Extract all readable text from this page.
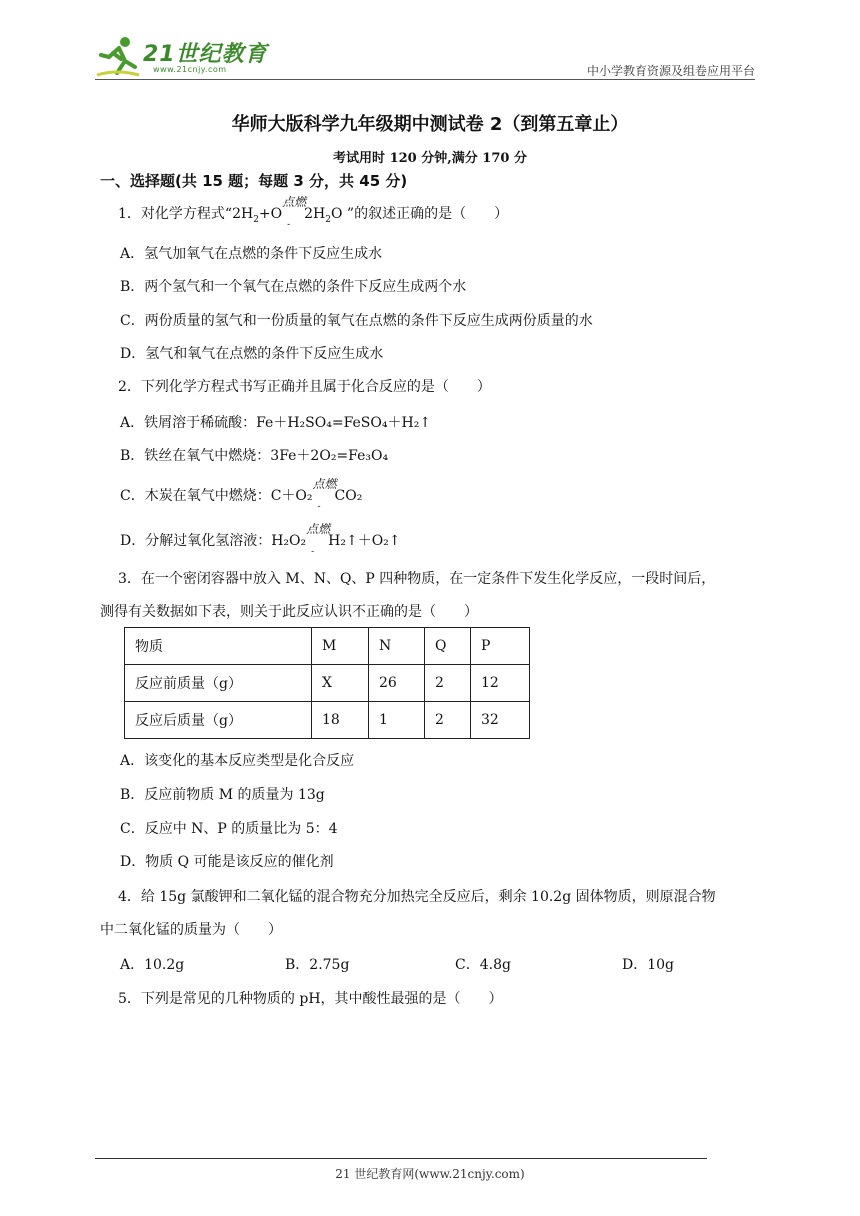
21世纪教育
www.21cnjy.com	中小学教育资源及组卷应用平台
华师大版科学九年级期中测试卷 2（到第五章止）
考试用时 120 分钟,满分 170 分
一、选择题(共 15 题；每题 3 分，共 45 分)
1．对化学方程式“$2H_2+O$
点燃
-
$2H_2O$ ”的叙述正确的是（　　）
A．氢气加氧气在点燃的条件下反应生成水
B．两个氢气和一个氧气在点燃的条件下反应生成两个水
C．两份质量的氢气和一份质量的氧气在点燃的条件下反应生成两份质量的水
D．氢气和氧气在点燃的条件下反应生成水
2．下列化学方程式书写正确并且属于化合反应的是（　　）
A．铁屑溶于稀硫酸：Fe＋H₂SO₄=FeSO₄＋H₂↑
B．铁丝在氧气中燃烧：3Fe＋2O₂=Fe₃O₄
C．木炭在氧气中燃烧：C＋O₂
点燃
-
CO₂
D．分解过氧化氢溶液：H₂O₂
点燃
-
H₂↑＋O₂↑
3．在一个密闭容器中放入 M、N、Q、P 四种物质，在一定条件下发生化学反应，一段时间后，
测得有关数据如下表，则关于此反应认识不正确的是（　　）
物质	M	N	Q	P
反应前质量（g）	X	26	2	12
反应后质量（g）	18	1	2	32
A．该变化的基本反应类型是化合反应
B．反应前物质 M 的质量为 13g
C．反应中 N、P 的质量比为 5：4
D．物质 Q 可能是该反应的催化剂
4．给 15g 氯酸钾和二氧化锰的混合物充分加热完全反应后，剩余 10.2g 固体物质，则原混合物
中二氧化锰的质量为（　　）
A．10.2g	B．2.75g	C．4.8g	D．10g
5．下列是常见的几种物质的 pH，其中酸性最强的是（　　）
21 世纪教育网(www.21cnjy.com)
